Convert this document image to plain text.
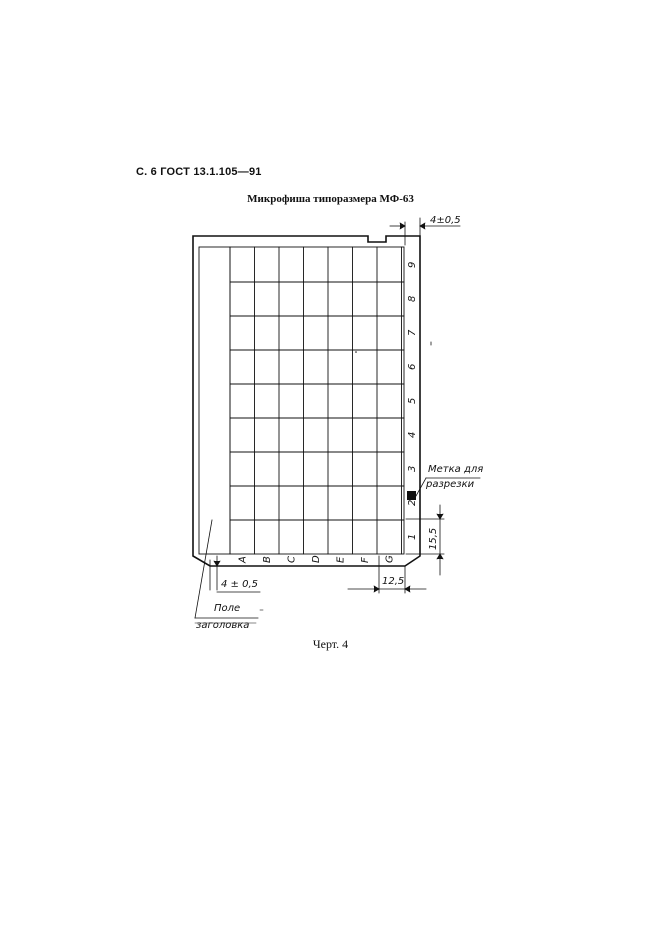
С. 6 ГОСТ 13.1.105—91
Микрофиша типоразмера МФ-63
A B C D E F G
1
2
3
4
5
6
7
8
9
4±0,5
15,5
12,5
4 ± 0,5
Поле
заголовка
Метка для
разрезки
Черт. 4
